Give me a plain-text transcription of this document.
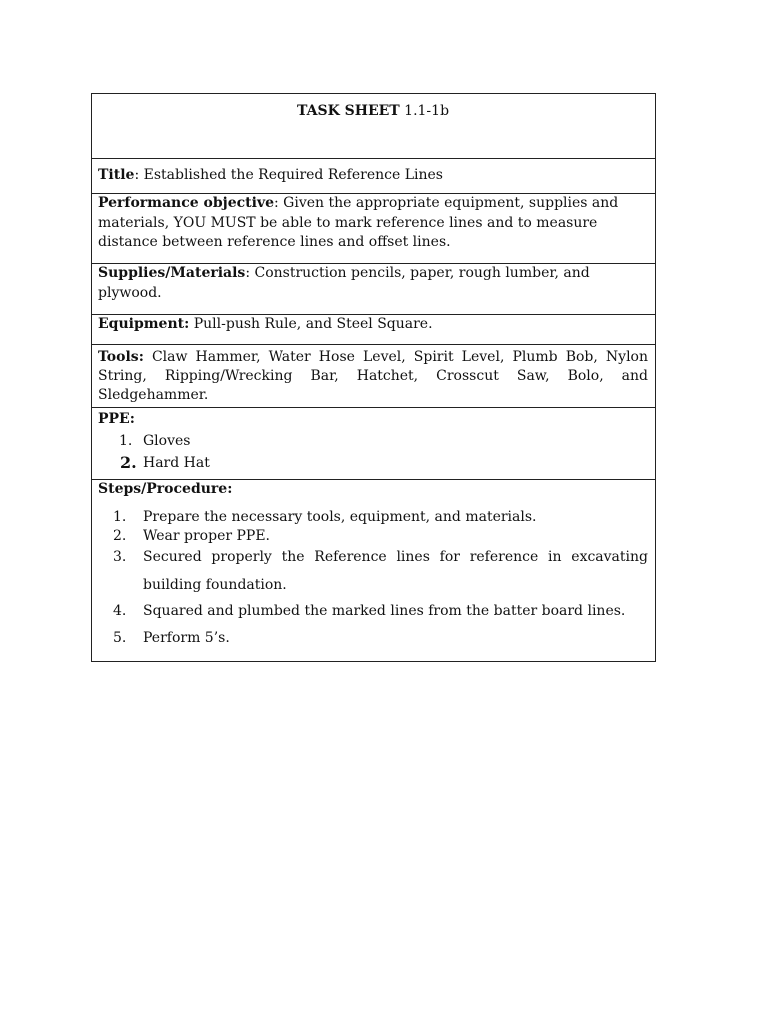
TASK SHEET 1.1-1b
Title: Established the Required Reference Lines
Performance objective: Given the appropriate equipment, supplies and
materials, YOU MUST be able to mark reference lines and to measure
distance between reference lines and offset lines.
Supplies/Materials: Construction pencils, paper, rough lumber, and
plywood.
Equipment: Pull-push Rule, and Steel Square.
Tools: Claw Hammer, Water Hose Level, Spirit Level, Plumb Bob, Nylon
String, Ripping/Wrecking Bar, Hatchet, Crosscut Saw, Bolo, and
Sledgehammer.
PPE:
1. Gloves
2. Hard Hat
Steps/Procedure:
1. Prepare the necessary tools, equipment, and materials.
2. Wear proper PPE.
3. Secured properly the Reference lines for reference in excavating
building foundation.
4. Squared and plumbed the marked lines from the batter board lines.
5. Perform 5’s.
